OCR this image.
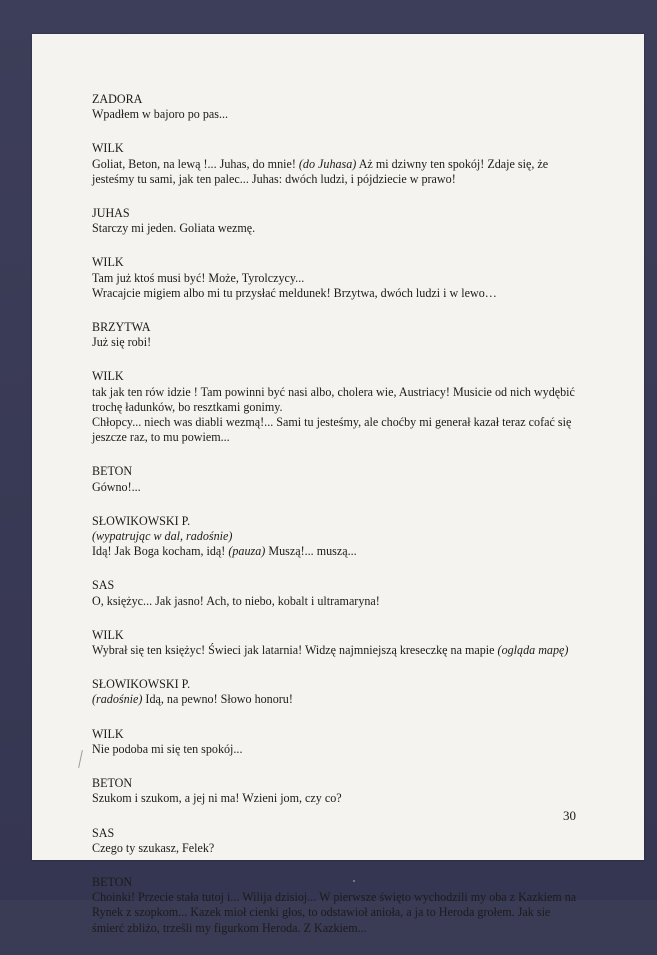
ZADORA
Wpadłem w bajoro po pas...
WILK
Goliat, Beton, na lewą !... Juhas, do mnie! (do Juhasa) Aż mi dziwny ten spokój! Zdaje się, że
jesteśmy tu sami, jak ten palec... Juhas: dwóch ludzi, i pójdziecie w prawo!
JUHAS
Starczy mi jeden. Goliata wezmę.
WILK
Tam już ktoś musi być! Może, Tyrolczycy...
Wracajcie migiem albo mi tu przysłać meldunek! Brzytwa, dwóch ludzi i w lewo…
BRZYTWA
Już się robi!
WILK
tak jak ten rów idzie ! Tam powinni być nasi albo, cholera wie, Austriacy! Musicie od nich wydębić
trochę ładunków, bo resztkami gonimy.
Chłopcy... niech was diabli wezmą!... Sami tu jesteśmy, ale choćby mi generał kazał teraz cofać się
jeszcze raz, to mu powiem...
BETON
Gówno!...
SŁOWIKOWSKI P.
(wypatrując w dal, radośnie)
Idą! Jak Boga kocham, idą! (pauza) Muszą!... muszą...
SAS
O, księżyc... Jak jasno! Ach, to niebo, kobalt i ultramaryna!
WILK
Wybrał się ten księżyc! Świeci jak latarnia! Widzę najmniejszą kreseczkę na mapie (ogląda mapę)
SŁOWIKOWSKI P.
(radośnie) Idą, na pewno! Słowo honoru!
WILK
Nie podoba mi się ten spokój...
BETON
Szukom i szukom, a jej ni ma! Wzieni jom, czy co?
SAS
Czego ty szukasz, Felek?
BETON
Choinki! Przecie stała tutoj i... Wilija dzisioj... W pierwsze święto wychodzili my oba z Kazkiem na
Rynek z szopkom... Kazek mioł cienki głos, to odstawioł anioła, a ja to Heroda grołem. Jak sie
śmierć zbliżo, trzeŝli my figurkom Heroda. Z Kazkiem...
30
